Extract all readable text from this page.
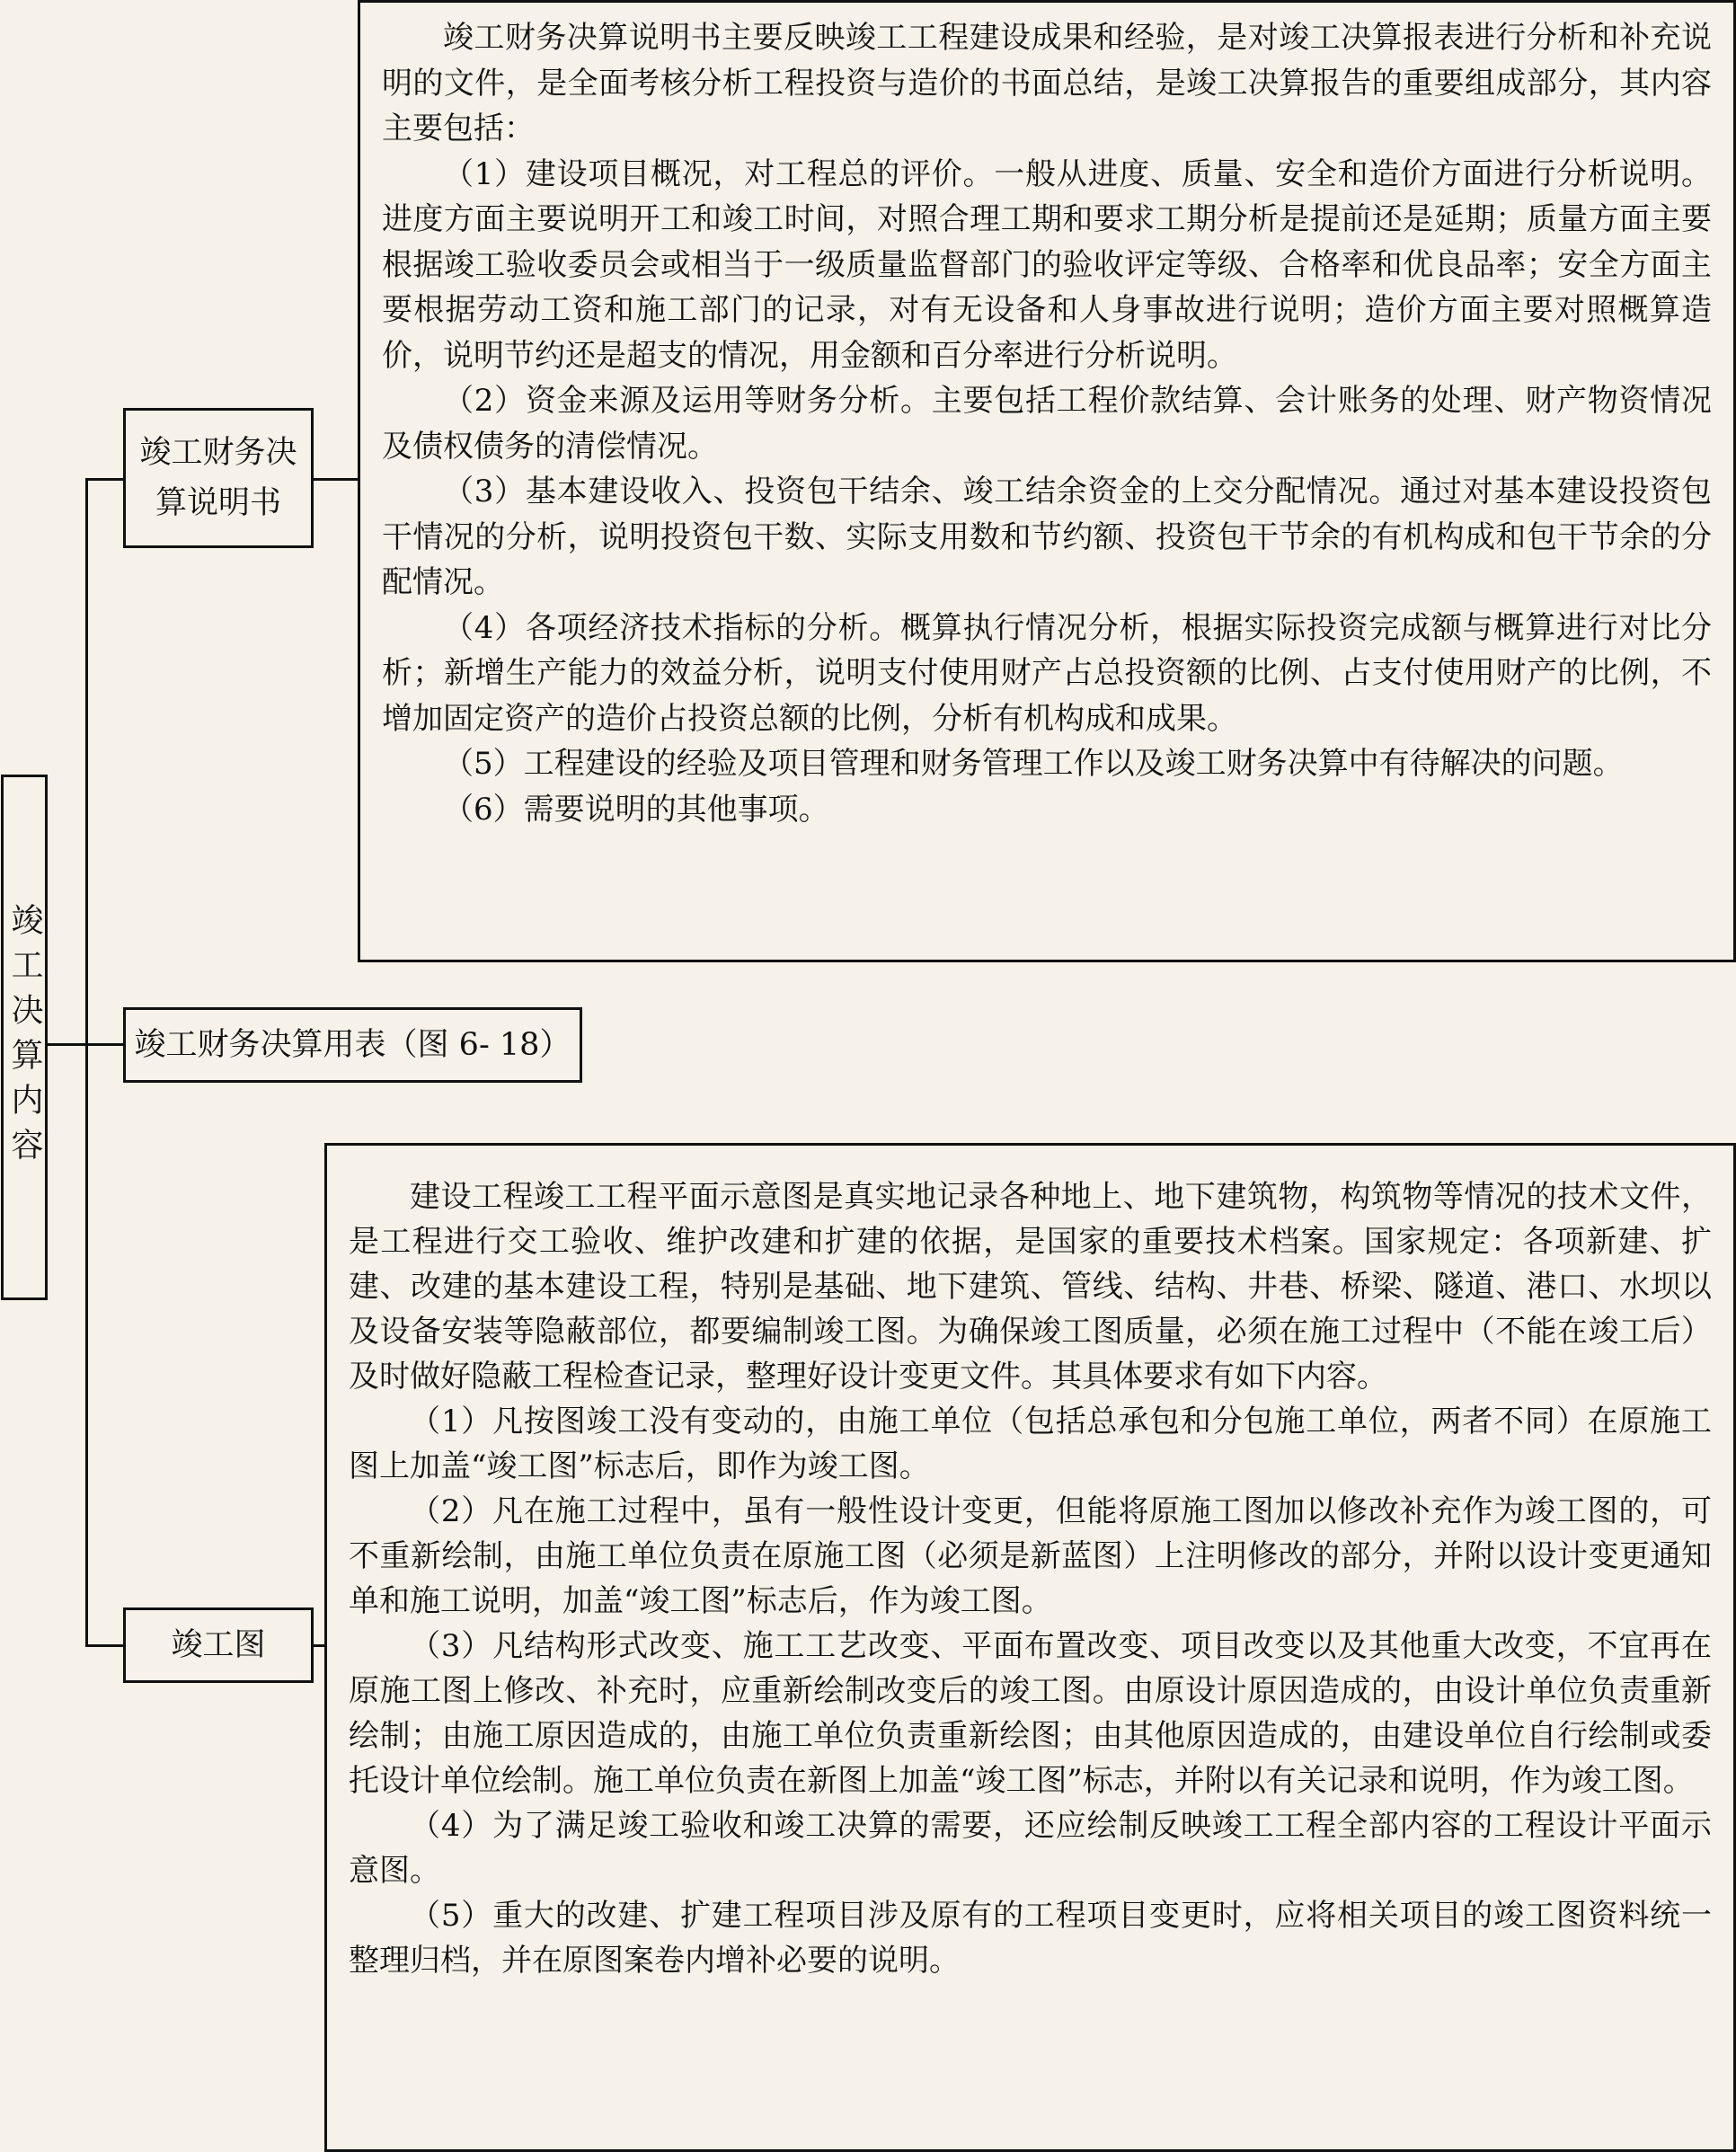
竣工决算内容
竣工财务决算说明书
竣工财务决算用表（图 6- 18）
竣工图

竣工财务决算说明书主要反映竣工工程建设成果和经验，是对竣工决算报表进行分析和补充说明的文件，是全面考核分析工程投资与造价的书面总结，是竣工决算报告的重要组成部分，其内容主要包括：

（1）建设项目概况，对工程总的评价。一般从进度、质量、安全和造价方面进行分析说明。进度方面主要说明开工和竣工时间，对照合理工期和要求工期分析是提前还是延期；质量方面主要根据竣工验收委员会或相当于一级质量监督部门的验收评定等级、合格率和优良品率；安全方面主要根据劳动工资和施工部门的记录，对有无设备和人身事故进行说明；造价方面主要对照概算造价，说明节约还是超支的情况，用金额和百分率进行分析说明。

（2）资金来源及运用等财务分析。主要包括工程价款结算、会计账务的处理、财产物资情况及债权债务的清偿情况。

（3）基本建设收入、投资包干结余、竣工结余资金的上交分配情况。通过对基本建设投资包干情况的分析，说明投资包干数、实际支用数和节约额、投资包干节余的有机构成和包干节余的分配情况。

（4）各项经济技术指标的分析。概算执行情况分析，根据实际投资完成额与概算进行对比分析；新增生产能力的效益分析，说明支付使用财产占总投资额的比例、占支付使用财产的比例，不增加固定资产的造价占投资总额的比例，分析有机构成和成果。

（5）工程建设的经验及项目管理和财务管理工作以及竣工财务决算中有待解决的问题。

（6）需要说明的其他事项。

建设工程竣工工程平面示意图是真实地记录各种地上、地下建筑物，构筑物等情况的技术文件，是工程进行交工验收、维护改建和扩建的依据，是国家的重要技术档案。国家规定：各项新建、扩建、改建的基本建设工程，特别是基础、地下建筑、管线、结构、井巷、桥梁、隧道、港口、水坝以及设备安装等隐蔽部位，都要编制竣工图。为确保竣工图质量，必须在施工过程中（不能在竣工后）及时做好隐蔽工程检查记录，整理好设计变更文件。其具体要求有如下内容。

（1）凡按图竣工没有变动的，由施工单位（包括总承包和分包施工单位，两者不同）在原施工图上加盖“竣工图”标志后，即作为竣工图。

（2）凡在施工过程中，虽有一般性设计变更，但能将原施工图加以修改补充作为竣工图的，可不重新绘制，由施工单位负责在原施工图（必须是新蓝图）上注明修改的部分，并附以设计变更通知单和施工说明，加盖“竣工图”标志后，作为竣工图。

（3）凡结构形式改变、施工工艺改变、平面布置改变、项目改变以及其他重大改变，不宜再在原施工图上修改、补充时，应重新绘制改变后的竣工图。由原设计原因造成的，由设计单位负责重新绘制；由施工原因造成的，由施工单位负责重新绘图；由其他原因造成的，由建设单位自行绘制或委托设计单位绘制。施工单位负责在新图上加盖“竣工图”标志，并附以有关记录和说明，作为竣工图。

（4）为了满足竣工验收和竣工决算的需要，还应绘制反映竣工工程全部内容的工程设计平面示意图。

（5）重大的改建、扩建工程项目涉及原有的工程项目变更时，应将相关项目的竣工图资料统一整理归档，并在原图案卷内增补必要的说明。
